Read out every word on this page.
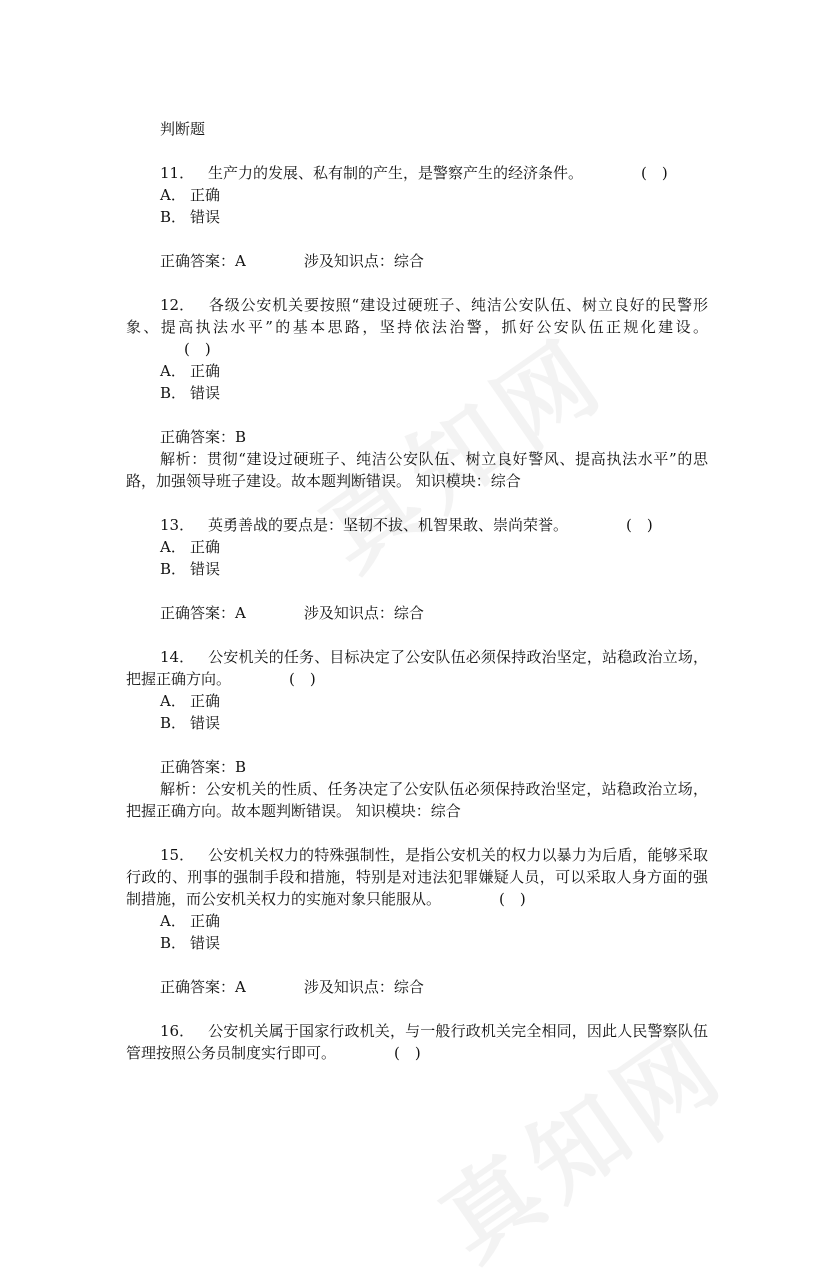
判断题

11． 生产力的发展、私有制的产生，是警察产生的经济条件。	(　)

A． 正确

B． 错误

正确答案：A	涉及知识点：综合

12． 各级公安机关要按照“建设过硬班子、纯洁公安队伍、树立良好的民警形象、提高执法水平”的基本思路，坚持依法治警，抓好公安队伍正规化建设。(　)

A． 正确

B． 错误

正确答案：B

解析：贯彻“建设过硬班子、纯洁公安队伍、树立良好警风、提高执法水平”的思路，加强领导班子建设。故本题判断错误。 知识模块：综合

13． 英勇善战的要点是：坚韧不拔、机智果敢、崇尚荣誉。	(　)

A． 正确

B． 错误

正确答案：A	涉及知识点：综合

14． 公安机关的任务、目标决定了公安队伍必须保持政治坚定，站稳政治立场，把握正确方向。	(　)

A． 正确

B． 错误

正确答案：B

解析：公安机关的性质、任务决定了公安队伍必须保持政治坚定，站稳政治立场，把握正确方向。故本题判断错误。 知识模块：综合

15． 公安机关权力的特殊强制性，是指公安机关的权力以暴力为后盾，能够采取行政的、刑事的强制手段和措施，特别是对违法犯罪嫌疑人员，可以采取人身方面的强制措施，而公安机关权力的实施对象只能服从。	(　)

A． 正确

B． 错误

正确答案：A	涉及知识点：综合

16． 公安机关属于国家行政机关，与一般行政机关完全相同，因此人民警察队伍管理按照公务员制度实行即可。	(　)
